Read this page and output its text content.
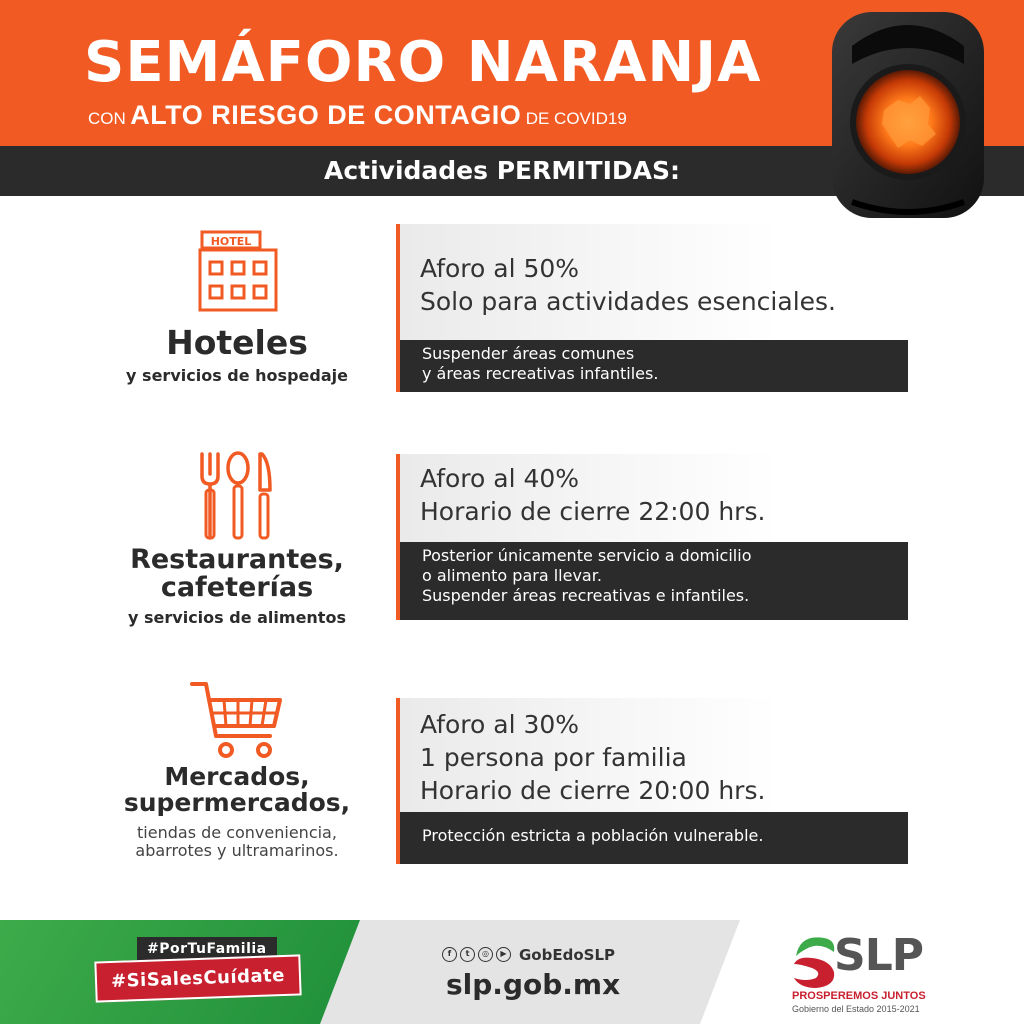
SEMÁFORO NARANJA
CON ALTO RIESGO DE CONTAGIO DE COVID19
Actividades PERMITIDAS:
HOTEL
Hoteles
y servicios de hospedaje
Aforo al 50%
Solo para actividades esenciales.
Suspender áreas comunes
y áreas recreativas infantiles.
Restaurantes,
cafeterías
y servicios de alimentos
Aforo al 40%
Horario de cierre 22:00 hrs.
Posterior únicamente servicio a domicilio
o alimento para llevar.
Suspender áreas recreativas e infantiles.
Mercados,
supermercados,
tiendas de conveniencia,
abarrotes y ultramarinos.
Aforo al 30%
1 persona por familia
Horario de cierre 20:00 hrs.
Protección estricta a población vulnerable.
#PorTuFamilia
#SiSalesCuídate
f	t	◎	▶ GobEdoSLP
slp.gob.mx
SLP
PROSPEREMOS JUNTOS
Gobierno del Estado 2015-2021
